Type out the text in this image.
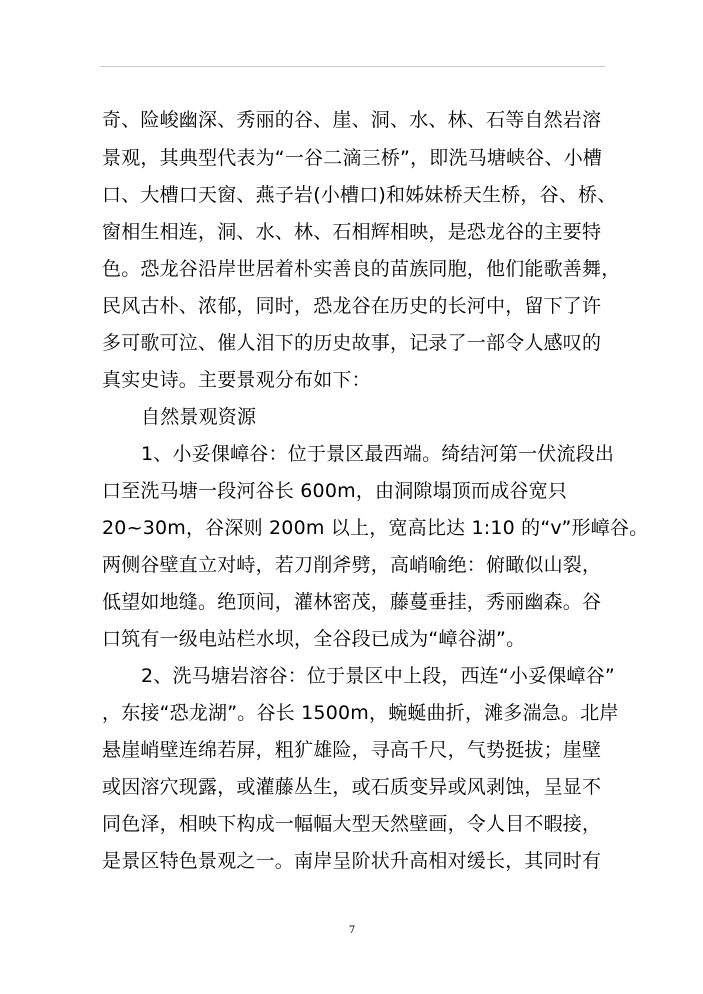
奇、险峻幽深、秀丽的谷、崖、洞、水、林、石等自然岩溶
景观，其典型代表为“一谷二滴三桥”，即洗马塘峡谷、小槽
口、大槽口天窗、燕子岩(小槽口)和姊妹桥天生桥，谷、桥、
窗相生相连，洞、水、林、石相辉相映，是恐龙谷的主要特
色。恐龙谷沿岸世居着朴实善良的苗族同胞，他们能歌善舞，
民风古朴、浓郁，同时，恐龙谷在历史的长河中，留下了许
多可歌可泣、催人泪下的历史故事，记录了一部令人感叹的
真实史诗。主要景观分布如下：
自然景观资源
1、小妥倮嶂谷：位于景区最西端。绮结河第一伏流段出
口至洗马塘一段河谷长 600m，由洞隙塌顶而成谷宽只
20~30m，谷深则 200m 以上，宽高比达 1:10 的“v”形嶂谷。
两侧谷壁直立对峙，若刀削斧劈，高峭喻绝：俯瞰似山裂，
低望如地缝。绝顶间，灌林密茂，藤蔓垂挂，秀丽幽森。谷
口筑有一级电站栏水坝，全谷段已成为“嶂谷湖”。
2、洗马塘岩溶谷：位于景区中上段，西连“小妥倮嶂谷”
，东接“恐龙湖”。谷长 1500m，蜿蜒曲折，滩多湍急。北岸
悬崖峭壁连绵若屏，粗犷雄险，寻高千尺，气势挺拔；崖壁
或因溶穴现露，或灌藤丛生，或石质变异或风剥蚀，呈显不
同色泽，相映下构成一幅幅大型天然壁画，令人目不暇接，
是景区特色景观之一。南岸呈阶状升高相对缓长，其同时有
7
